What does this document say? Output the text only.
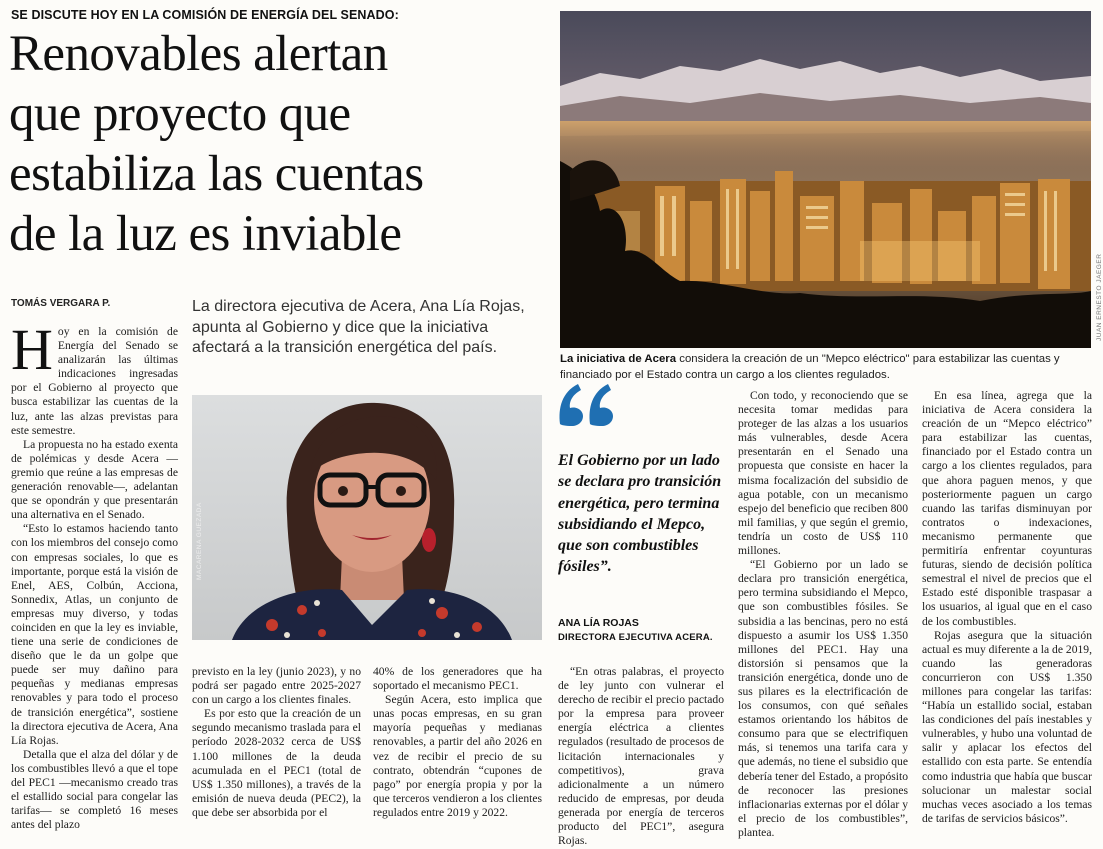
SE DISCUTE HOY EN LA COMISIÓN DE ENERGÍA DEL SENADO:
Renovables alertan
que proyecto que
estabiliza las cuentas
de la luz es inviable
TOMÁS VERGARA P.	La directora ejecutiva de Acera, Ana Lía Rojas, apunta al Gobierno y dice que la iniciativa afectará a la transición energética del país.

Hoy en la comisión de Energía del Senado se analizarán las últimas indicaciones ingresadas por el Gobierno al proyecto que busca estabilizar las cuentas de la luz, ante las alzas previstas para este semestre.

La propuesta no ha estado exenta de polémicas y desde Acera —gremio que reúne a las empresas de generación renovable—, adelantan que se opondrán y que presentarán una alternativa en el Senado.

“Esto lo estamos haciendo tanto con los miembros del consejo como con empresas sociales, lo que es importante, porque está la visión de Enel, AES, Colbún, Acciona, Sonnedix, Atlas, un conjunto de empresas muy diverso, y todas coinciden en que la ley es inviable, tiene una serie de condiciones de diseño que le da un golpe que puede ser muy dañino para pequeñas y medianas empresas renovables y para todo el proceso de transición energética”, sostiene la directora ejecutiva de Acera, Ana Lía Rojas.

Detalla que el alza del dólar y de los combustibles llevó a que el tope del PEC1 —mecanismo creado tras el estallido social para congelar las tarifas— se completó 16 meses antes del plazo

MACARENA GUEZADA
JUAN ERNESTO JAEGER
La iniciativa de Acera considera la creación de un "Mepco eléctrico" para estabilizar las cuentas y financiado por el Estado contra un cargo a los clientes regulados.
El Gobierno por un lado se declara pro transición energética, pero termina subsidiando el Mepco, que son combustibles fósiles”.
ANA LÍA ROJAS
DIRECTORA EJECUTIVA ACERA.

previsto en la ley (junio 2023), y no podrá ser pagado entre 2025-2027 con un cargo a los clientes finales.

Es por esto que la creación de un segundo mecanismo traslada para el período 2028-2032 cerca de US$ 1.100 millones de la deuda acumulada en el PEC1 (total de US$ 1.350 millones), a través de la emisión de nueva deuda (PEC2), la que debe ser absorbida por el

40% de los generadores que ha soportado el mecanismo PEC1.

Según Acera, esto implica que unas pocas empresas, en su gran mayoría pequeñas y medianas renovables, a partir del año 2026 en vez de recibir el precio de su contrato, obtendrán “cupones de pago” por energía propia y por la que terceros vendieron a los clientes regulados entre 2019 y 2022.

“En otras palabras, el proyecto de ley junto con vulnerar el derecho de recibir el precio pactado por la empresa para proveer energía eléctrica a clientes regulados (resultado de procesos de licitación internacionales y competitivos), grava adicionalmente a un número reducido de empresas, por deuda generada por energía de terceros producto del PEC1”, asegura Rojas.

Con todo, y reconociendo que se necesita tomar medidas para proteger de las alzas a los usuarios más vulnerables, desde Acera presentarán en el Senado una propuesta que consiste en hacer la misma focalización del subsidio de agua potable, con un mecanismo espejo del beneficio que reciben 800 mil familias, y que según el gremio, tendría un costo de US$ 110 millones.

“El Gobierno por un lado se declara pro transición energética, pero termina subsidiando el Mepco, que son combustibles fósiles. Se subsidia a las bencinas, pero no está dispuesto a asumir los US$ 1.350 millones del PEC1. Hay una distorsión si pensamos que la transición energética, donde uno de sus pilares es la electrificación de los consumos, con qué señales estamos orientando los hábitos de consumo para que se electrifiquen más, si tenemos una tarifa cara y que además, no tiene el subsidio que debería tener del Estado, a propósito de reconocer las presiones inflacionarias externas por el dólar y el precio de los combustibles”, plantea.

En esa línea, agrega que la iniciativa de Acera considera la creación de un “Mepco eléctrico” para estabilizar las cuentas, financiado por el Estado contra un cargo a los clientes regulados, para que ahora paguen menos, y que posteriormente paguen un cargo cuando las tarifas disminuyan por contratos o indexaciones, mecanismo permanente que permitiría enfrentar coyunturas futuras, siendo de decisión política semestral el nivel de precios que el Estado esté disponible traspasar a los usuarios, al igual que en el caso de los combustibles.

Rojas asegura que la situación actual es muy diferente a la de 2019, cuando las generadoras concurrieron con US$ 1.350 millones para congelar las tarifas: “Había un estallido social, estaban las condiciones del país inestables y vulnerables, y hubo una voluntad de salir y aplacar los efectos del estallido con esta parte. Se entendía como industria que había que buscar solucionar un malestar social muchas veces asociado a los temas de tarifas de servicios básicos”.
